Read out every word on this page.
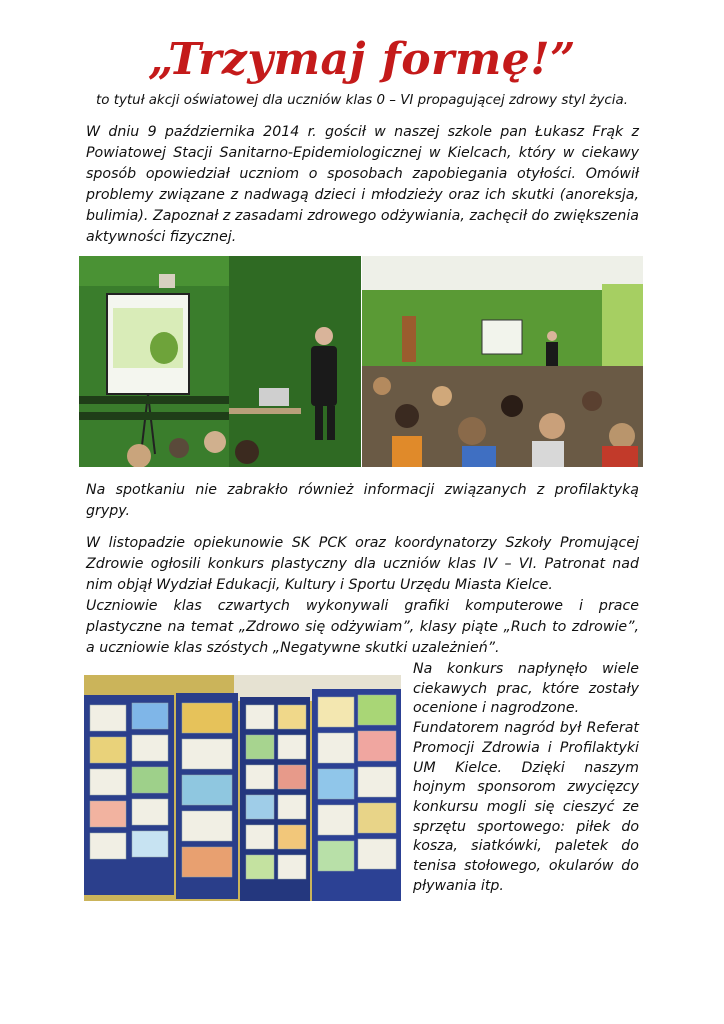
„Trzymaj formę!”
to tytuł akcji oświatowej dla uczniów klas 0 – VI propagującej zdrowy styl życia.

W dniu 9 października 2014 r. gościł w naszej szkole pan Łukasz Frąk z Powiatowej Stacji Sanitarno-Epidemiologicznej w Kielcach, który w ciekawy sposób opowiedział uczniom o sposobach zapobiegania otyłości. Omówił problemy związane z nadwagą dzieci i młodzieży oraz ich skutki (anoreksja, bulimia). Zapoznał z zasadami zdrowego odżywiania, zachęcił do zwiększenia aktywności fizycznej.

Na spotkaniu nie zabrakło również informacji związanych z profilaktyką grypy.

W listopadzie opiekunowie SK PCK oraz koordynatorzy Szkoły Promującej Zdrowie ogłosili konkurs plastyczny dla uczniów klas IV – VI. Patronat nad nim objął Wydział Edukacji, Kultury i Sportu Urzędu Miasta Kielce.

Uczniowie klas czwartych wykonywali grafiki komputerowe i prace plastyczne na temat „Zdrowo się odżywiam”, klasy piąte „Ruch to zdrowie”, a uczniowie klas szóstych „Negatywne skutki uzależnień”.

Na konkurs napłynęło wiele ciekawych prac, które zostały ocenione i nagrodzone.

Fundatorem nagród był Referat Promocji Zdrowia i Profilaktyki UM Kielce. Dzięki naszym hojnym sponsorom zwycięzcy konkursu mogli się cieszyć ze sprzętu sportowego: piłek do kosza, siatkówki, paletek do tenisa stołowego, okularów do pływania itp.
